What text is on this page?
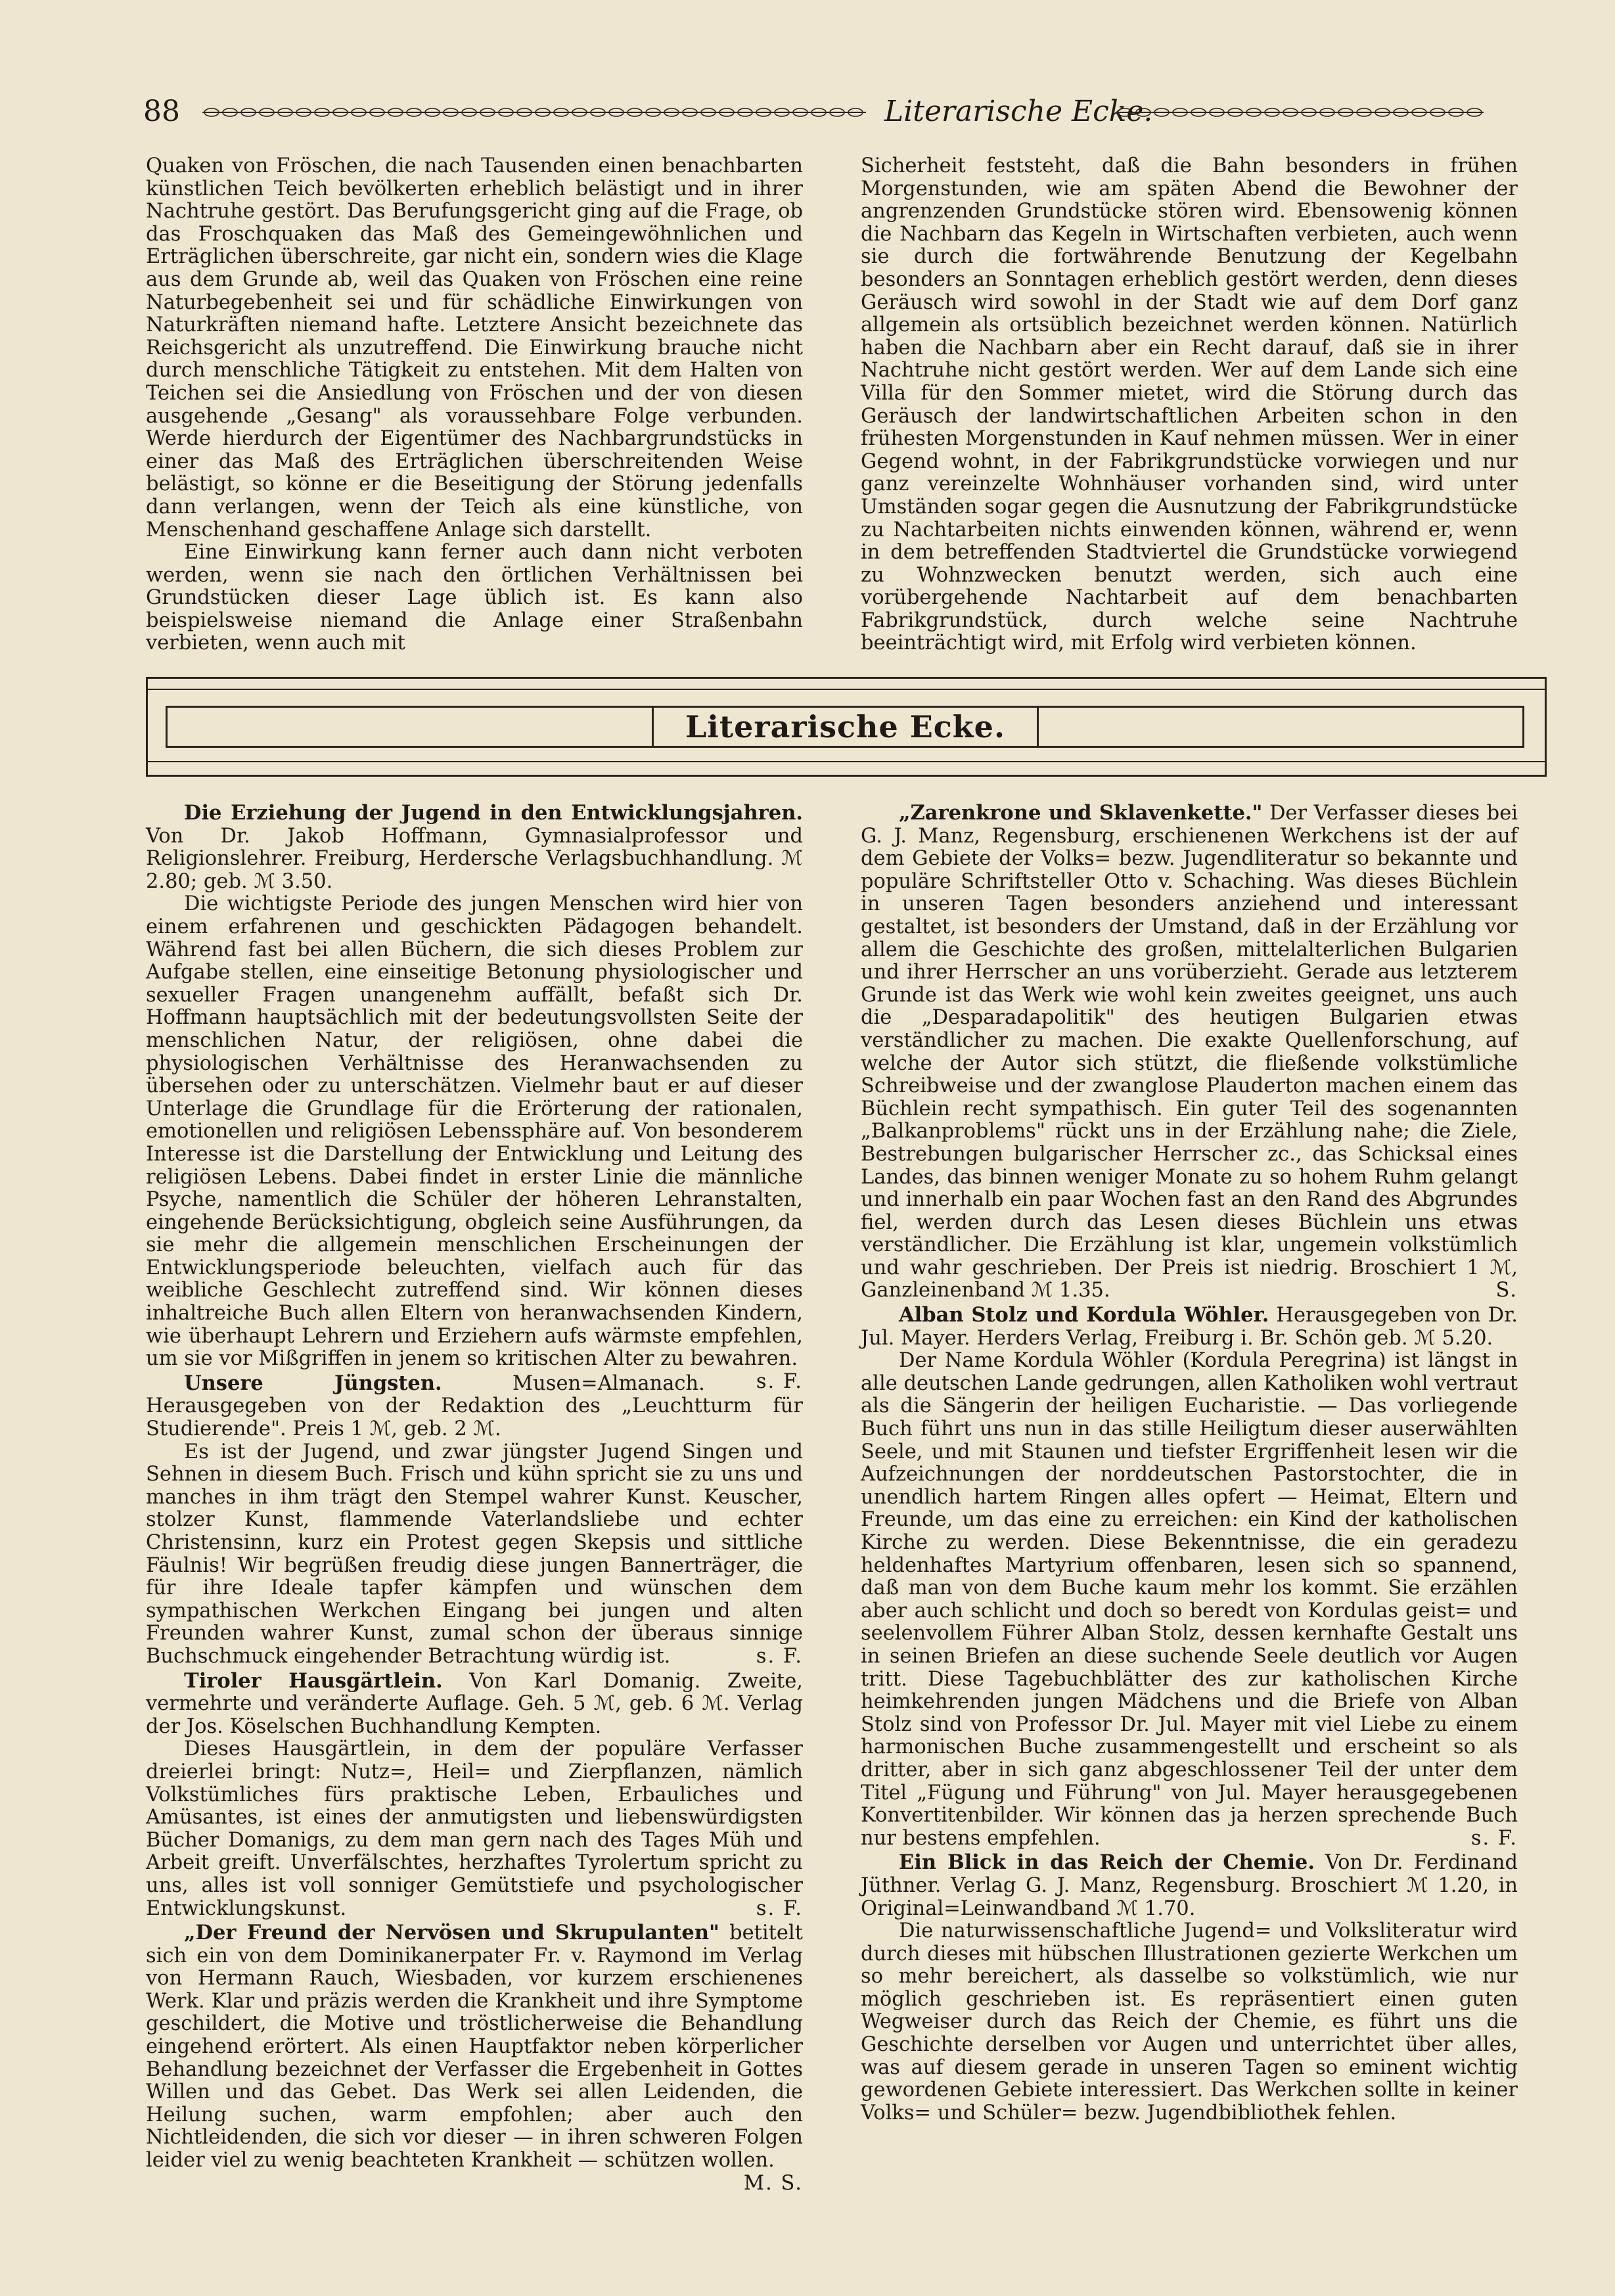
88	Literarische Ecke.

Quaken von Fröschen, die nach Tausenden einen benachbarten künstlichen Teich bevölkerten erheblich belästigt und in ihrer Nachtruhe gestört. Das Berufungsgericht ging auf die Frage, ob das Froschquaken das Maß des Gemeingewöhnlichen und Erträglichen überschreite, gar nicht ein, sondern wies die Klage aus dem Grunde ab, weil das Quaken von Fröschen eine reine Naturbegebenheit sei und für schädliche Einwirkungen von Naturkräften niemand hafte. Letztere Ansicht bezeichnete das Reichsgericht als unzutreffend. Die Einwirkung brauche nicht durch menschliche Tätigkeit zu entstehen. Mit dem Halten von Teichen sei die Ansiedlung von Fröschen und der von diesen ausgehende „Gesang" als voraussehbare Folge verbunden. Werde hierdurch der Eigentümer des Nachbargrundstücks in einer das Maß des Erträglichen überschreitenden Weise belästigt, so könne er die Beseitigung der Störung jedenfalls dann verlangen, wenn der Teich als eine künstliche, von Menschenhand geschaffene Anlage sich darstellt.

Eine Einwirkung kann ferner auch dann nicht verboten werden, wenn sie nach den örtlichen Verhältnissen bei Grundstücken dieser Lage üblich ist. Es kann also beispielsweise niemand die Anlage einer Straßenbahn verbieten, wenn auch mit

Sicherheit feststeht, daß die Bahn besonders in frühen Morgenstunden, wie am späten Abend die Bewohner der angrenzenden Grundstücke stören wird. Ebensowenig können die Nachbarn das Kegeln in Wirtschaften verbieten, auch wenn sie durch die fortwährende Benutzung der Kegelbahn besonders an Sonntagen erheblich gestört werden, denn dieses Geräusch wird sowohl in der Stadt wie auf dem Dorf ganz allgemein als ortsüblich bezeichnet werden können. Natürlich haben die Nachbarn aber ein Recht darauf, daß sie in ihrer Nachtruhe nicht gestört werden. Wer auf dem Lande sich eine Villa für den Sommer mietet, wird die Störung durch das Geräusch der landwirtschaftlichen Arbeiten schon in den frühesten Morgenstunden in Kauf nehmen müssen. Wer in einer Gegend wohnt, in der Fabrikgrundstücke vorwiegen und nur ganz vereinzelte Wohnhäuser vorhanden sind, wird unter Umständen sogar gegen die Ausnutzung der Fabrikgrundstücke zu Nachtarbeiten nichts einwenden können, während er, wenn in dem betreffenden Stadtviertel die Grundstücke vorwiegend zu Wohnzwecken benutzt werden, sich auch eine vorübergehende Nachtarbeit auf dem benachbarten Fabrikgrundstück, durch welche seine Nachtruhe beeinträchtigt wird, mit Erfolg wird verbieten können.

Literarische Ecke.

Die Erziehung der Jugend in den Entwicklungsjahren. Von Dr. Jakob Hoffmann, Gymnasialprofessor und Religionslehrer. Freiburg, Herdersche Verlagsbuchhandlung. ℳ 2.80; geb. ℳ 3.50.

Die wichtigste Periode des jungen Menschen wird hier von einem erfahrenen und geschickten Pädagogen behandelt. Während fast bei allen Büchern, die sich dieses Problem zur Aufgabe stellen, eine einseitige Betonung physiologischer und sexueller Fragen unangenehm auffällt, befaßt sich Dr. Hoffmann hauptsächlich mit der bedeutungsvollsten Seite der menschlichen Natur, der religiösen, ohne dabei die physiologischen Verhältnisse des Heranwachsenden zu übersehen oder zu unterschätzen. Vielmehr baut er auf dieser Unterlage die Grundlage für die Erörterung der rationalen, emotionellen und religiösen Lebenssphäre auf. Von besonderem Interesse ist die Darstellung der Entwicklung und Leitung des religiösen Lebens. Dabei findet in erster Linie die männliche Psyche, namentlich die Schüler der höheren Lehranstalten, eingehende Berücksichtigung, obgleich seine Ausführungen, da sie mehr die allgemein menschlichen Erscheinungen der Entwicklungsperiode beleuchten, vielfach auch für das weibliche Geschlecht zutreffend sind. Wir können dieses inhaltreiche Buch allen Eltern von heranwachsenden Kindern, wie überhaupt Lehrern und Erziehern aufs wärmste empfehlen, um sie vor Mißgriffen in jenem so kritischen Alter zu bewahren.
s. F.

Unsere Jüngsten. Musen=Almanach. Herausgegeben von der Redaktion des „Leuchtturm für Studierende". Preis 1 ℳ, geb. 2 ℳ.

Es ist der Jugend, und zwar jüngster Jugend Singen und Sehnen in diesem Buch. Frisch und kühn spricht sie zu uns und manches in ihm trägt den Stempel wahrer Kunst. Keuscher, stolzer Kunst, flammende Vaterlandsliebe und echter Christensinn, kurz ein Protest gegen Skepsis und sittliche Fäulnis! Wir begrüßen freudig diese jungen Bannerträger, die für ihre Ideale tapfer kämpfen und wünschen dem sympathischen Werkchen Eingang bei jungen und alten Freunden wahrer Kunst, zumal schon der überaus sinnige Buchschmuck eingehender Betrachtung würdig ist.	s. F.

Tiroler Hausgärtlein. Von Karl Domanig. Zweite, vermehrte und veränderte Auflage. Geh. 5 ℳ, geb. 6 ℳ. Verlag der Jos. Köselschen Buchhandlung Kempten.

Dieses Hausgärtlein, in dem der populäre Verfasser dreierlei bringt: Nutz=, Heil= und Zierpflanzen, nämlich Volkstümliches fürs praktische Leben, Erbauliches und Amüsantes, ist eines der anmutigsten und liebenswürdigsten Bücher Domanigs, zu dem man gern nach des Tages Müh und Arbeit greift. Unverfälschtes, herzhaftes Tyrolertum spricht zu uns, alles ist voll sonniger Gemütstiefe und psychologischer Entwicklungskunst.	s. F.

„Der Freund der Nervösen und Skrupulanten" betitelt sich ein von dem Dominikanerpater Fr. v. Raymond im Verlag von Hermann Rauch, Wiesbaden, vor kurzem erschienenes Werk. Klar und präzis werden die Krankheit und ihre Symptome geschildert, die Motive und tröstlicherweise die Behandlung eingehend erörtert. Als einen Hauptfaktor neben körperlicher Behandlung bezeichnet der Verfasser die Ergebenheit in Gottes Willen und das Gebet. Das Werk sei allen Leidenden, die Heilung suchen, warm empfohlen; aber auch den Nichtleidenden, die sich vor dieser — in ihren schweren Folgen leider viel zu wenig beachteten Krankheit — schützen wollen.
M. S.

„Zarenkrone und Sklavenkette." Der Verfasser dieses bei G. J. Manz, Regensburg, erschienenen Werkchens ist der auf dem Gebiete der Volks= bezw. Jugendliteratur so bekannte und populäre Schriftsteller Otto v. Schaching. Was dieses Büchlein in unseren Tagen besonders anziehend und interessant gestaltet, ist besonders der Umstand, daß in der Erzählung vor allem die Geschichte des großen, mittelalterlichen Bulgarien und ihrer Herrscher an uns vorüberzieht. Gerade aus letzterem Grunde ist das Werk wie wohl kein zweites geeignet, uns auch die „Desparadapolitik" des heutigen Bulgarien etwas verständlicher zu machen. Die exakte Quellenforschung, auf welche der Autor sich stützt, die fließende volkstümliche Schreibweise und der zwanglose Plauderton machen einem das Büchlein recht sympathisch. Ein guter Teil des sogenannten „Balkanproblems" rückt uns in der Erzählung nahe; die Ziele, Bestrebungen bulgarischer Herrscher zc., das Schicksal eines Landes, das binnen weniger Monate zu so hohem Ruhm gelangt und innerhalb ein paar Wochen fast an den Rand des Abgrundes fiel, werden durch das Lesen dieses Büchlein uns etwas verständlicher. Die Erzählung ist klar, ungemein volkstümlich und wahr geschrieben. Der Preis ist niedrig. Broschiert 1 ℳ, Ganzleinenband ℳ 1.35.	S.

Alban Stolz und Kordula Wöhler. Herausgegeben von Dr. Jul. Mayer. Herders Verlag, Freiburg i. Br. Schön geb. ℳ 5.20.

Der Name Kordula Wöhler (Kordula Peregrina) ist längst in alle deutschen Lande gedrungen, allen Katholiken wohl vertraut als die Sängerin der heiligen Eucharistie. — Das vorliegende Buch führt uns nun in das stille Heiligtum dieser auserwählten Seele, und mit Staunen und tiefster Ergriffenheit lesen wir die Aufzeichnungen der norddeutschen Pastorstochter, die in unendlich hartem Ringen alles opfert — Heimat, Eltern und Freunde, um das eine zu erreichen: ein Kind der katholischen Kirche zu werden. Diese Bekenntnisse, die ein geradezu heldenhaftes Martyrium offenbaren, lesen sich so spannend, daß man von dem Buche kaum mehr los kommt. Sie erzählen aber auch schlicht und doch so beredt von Kordulas geist= und seelenvollem Führer Alban Stolz, dessen kernhafte Gestalt uns in seinen Briefen an diese suchende Seele deutlich vor Augen tritt. Diese Tagebuchblätter des zur katholischen Kirche heimkehrenden jungen Mädchens und die Briefe von Alban Stolz sind von Professor Dr. Jul. Mayer mit viel Liebe zu einem harmonischen Buche zusammengestellt und erscheint so als dritter, aber in sich ganz abgeschlossener Teil der unter dem Titel „Fügung und Führung" von Jul. Mayer herausgegebenen Konvertitenbilder. Wir können das ja herzen sprechende Buch nur bestens empfehlen.	s. F.

Ein Blick in das Reich der Chemie. Von Dr. Ferdinand Jüthner. Verlag G. J. Manz, Regensburg. Broschiert ℳ 1.20, in Original=Leinwandband ℳ 1.70.

Die naturwissenschaftliche Jugend= und Volksliteratur wird durch dieses mit hübschen Illustrationen gezierte Werkchen um so mehr bereichert, als dasselbe so volkstümlich, wie nur möglich geschrieben ist. Es repräsentiert einen guten Wegweiser durch das Reich der Chemie, es führt uns die Geschichte derselben vor Augen und unterrichtet über alles, was auf diesem gerade in unseren Tagen so eminent wichtig gewordenen Gebiete interessiert. Das Werkchen sollte in keiner Volks= und Schüler= bezw. Jugendbibliothek fehlen.
